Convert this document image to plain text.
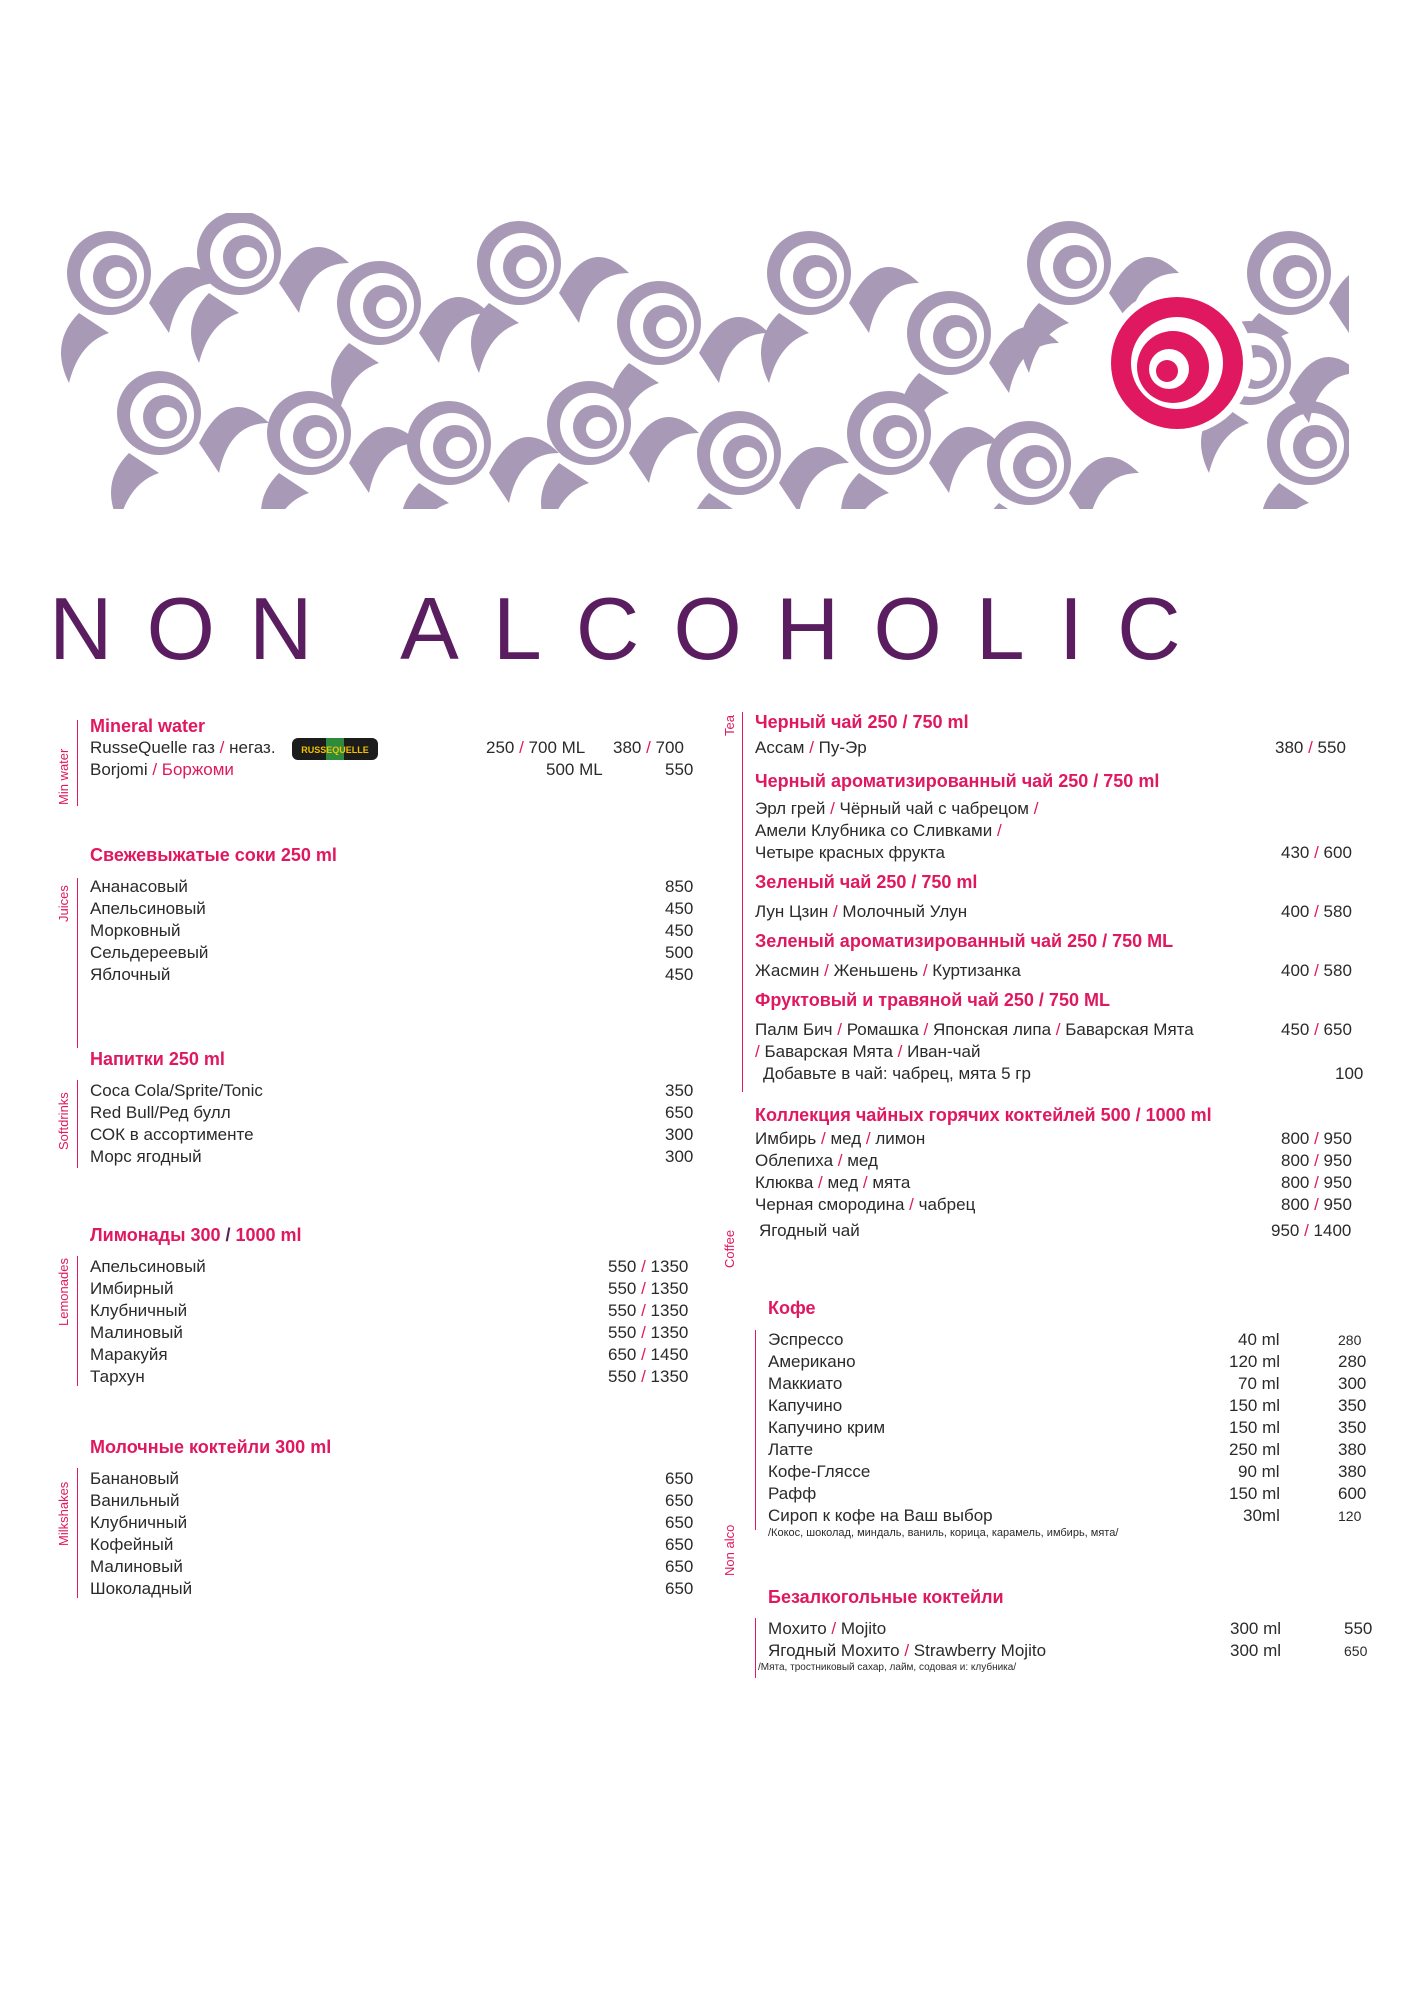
NON ALCOHOLIC
Min water
Mineral water
RusseQuelle газ / негаз.	RUSSEQUELLE	250 / 700 ML 380 / 700
Borjomi / Боржоми	500 ML	550
Juices
Свежевыжатые соки 250 ml
Ананасовый	850
Апельсиновый	450
Морковный	450
Сельдереевый	500
Яблочный	450
Softdrinks
Напитки 250 ml
Coca Cola/Sprite/Tonic	350
Red Bull/Ред булл	650
СОК в ассортименте	300
Морс ягодный	300
Lemonades
Лимонады 300 / 1000 ml
Апельсиновый	550 / 1350
Имбирный	550 / 1350
Клубничный	550 / 1350
Малиновый	550 / 1350
Маракуйя	650 / 1450
Тархун	550 / 1350
Milkshakes
Молочные коктейли 300 ml
Банановый	650
Ванильный	650
Клубничный	650
Кофейный	650
Малиновый	650
Шоколадный	650
Tea Черный чай 250 / 750 ml
Ассам / Пу-Эр	380 / 550
Черный ароматизированный чай 250 / 750 ml
Эрл грей / Чёрный чай с чабрецом /
Амели Клубника со Сливками /
Четыре красных фрукта	430 / 600
Зеленый чай 250 / 750 ml
Лун Цзин / Молочный Улун	400 / 580
Зеленый ароматизированный чай 250 / 750 ML
Жасмин / Женьшень / Куртизанка	400 / 580
Фруктовый и травяной чай 250 / 750 ML
Палм Бич / Ромашка / Японская липа / Баварская Мята	450 / 650
/ Баварская Мята / Иван-чай
Добавьте в чай: чабрец, мята 5 гр	100
Коллекция чайных горячих коктейлей 500 / 1000 ml
Имбирь / мед / лимон	800 / 950
Облепиха / мед	800 / 950
Клюква / мед / мята	800 / 950
Черная смородина / чабрец	800 / 950
Ягодный чай	950 / 1400
Coffee
Кофе
Эспрессо	40 ml	280
Американо	120 ml	280
Маккиато	70 ml	300
Капучино	150 ml	350
Капучино крим	150 ml	350
Латте	250 ml	380
Кофе-Гляссе	90 ml	380
Рафф	150 ml	600
Сироп к кофе на Ваш выбор	30ml	120
/Кокос, шоколад, миндаль, ваниль, корица, карамель, имбирь, мята/
Non alco
Безалкогольные коктейли
Мохито / Mojito	300 ml	550
Ягодный Мохито / Strawberry Mojito	300 ml	650
/Мята, тростниковый сахар, лайм, содовая и: клубника/
